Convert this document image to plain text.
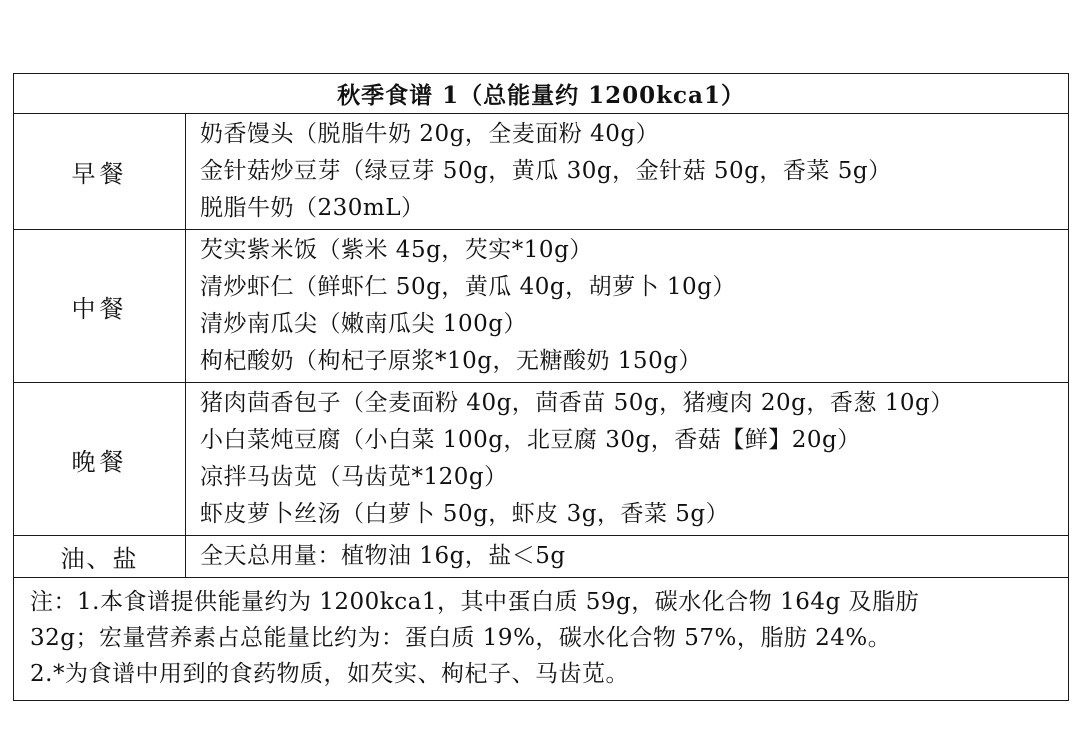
秋季食谱 1（总能量约 1200kca1）	
早餐	奶香馒头（脱脂牛奶 20g，全麦面粉 40g）
金针菇炒豆芽（绿豆芽 50g，黄瓜 30g，金针菇 50g，香菜 5g）
脱脂牛奶（230mL）

中餐	芡实紫米饭（紫米 45g，芡实*10g）
清炒虾仁（鲜虾仁 50g，黄瓜 40g，胡萝卜 10g）
清炒南瓜尖（嫩南瓜尖 100g）
枸杞酸奶（枸杞子原浆*10g，无糖酸奶 150g）

晚餐	猪肉茴香包子（全麦面粉 40g，茴香苗 50g，猪瘦肉 20g，香葱 10g）
小白菜炖豆腐（小白菜 100g，北豆腐 30g，香菇【鲜】20g）
凉拌马齿苋（马齿苋*120g）
虾皮萝卜丝汤（白萝卜 50g，虾皮 3g，香菜 5g）

油、盐	全天总用量：植物油 16g，盐＜5g

注：1.本食谱提供能量约为 1200kca1，其中蛋白质 59g，碳水化合物 164g 及脂肪
32g；宏量营养素占总能量比约为：蛋白质 19%，碳水化合物 57%，脂肪 24%。
2.*为食谱中用到的食药物质，如芡实、枸杞子、马齿苋。	
